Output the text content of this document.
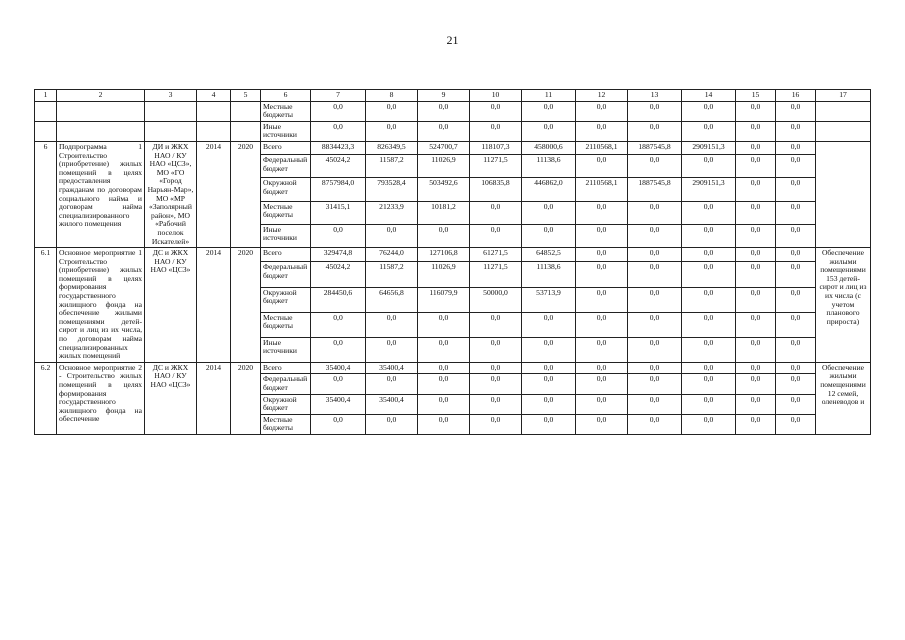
21
1	2	3	4	5	6	7	8	9	10	11	12	13	14	15	16	17
					Местные бюджеты	0,0	0,0	0,0	0,0	0,0	0,0	0,0	0,0	0,0	0,0	
					Иные источники	0,0	0,0	0,0	0,0	0,0	0,0	0,0	0,0	0,0	0,0	
6	Подпрограмма 1 Строительство (приобретение) жилых помещений в целях предоставления гражданам по договорам социального найма и договорам найма специализированного жилого помещения	ДИ и ЖКХ НАО / КУ НАО «ЦСЗ», МО «ГО «Город Нарьян-Мар», МО «МР «Заполярный район», МО «Рабочий поселок Искателей»	2014	2020	Всего	8834423,3	826349,5	524700,7	118107,3	458000,6	2110568,1	1887545,8	2909151,3	0,0	0,0	
					Федеральный бюджет	45024,2	11587,2	11026,9	11271,5	11138,6	0,0	0,0	0,0	0,0	0,0	
					Окружной бюджет	8757984,0	793528,4	503492,6	106835,8	446862,0	2110568,1	1887545,8	2909151,3	0,0	0,0	
					Местные бюджеты	31415,1	21233,9	10181,2	0,0	0,0	0,0	0,0	0,0	0,0	0,0	
					Иные источники	0,0	0,0	0,0	0,0	0,0	0,0	0,0	0,0	0,0	0,0	
6.1	Основное мероприятие 1 Строительство (приобретение) жилых помещений в целях формирования государственного жилищного фонда на обеспечение жилыми помещениями детей-сирот и лиц из их числа, по договорам найма специализированных жилых помещений	ДС и ЖКХ НАО / КУ НАО «ЦСЗ»	2014	2020	Всего	329474,8	76244,0	127106,8	61271,5	64852,5	0,0	0,0	0,0	0,0	0,0	Обеспечение жилыми помещениями 153 детей-сирот и лиц из их числа (с учетом планового прироста)
					Федеральный бюджет	45024,2	11587,2	11026,9	11271,5	11138,6	0,0	0,0	0,0	0,0	0,0	
					Окружной бюджет	284450,6	64656,8	116079,9	50000,0	53713,9	0,0	0,0	0,0	0,0	0,0	
					Местные бюджеты	0,0	0,0	0,0	0,0	0,0	0,0	0,0	0,0	0,0	0,0	
					Иные источники	0,0	0,0	0,0	0,0	0,0	0,0	0,0	0,0	0,0	0,0	
6.2	Основное мероприятие 2 - Строительство жилых помещений в целях формирования государственного жилищного фонда на обеспечение	ДС и ЖКХ НАО / КУ НАО «ЦСЗ»	2014	2020	Всего	35400,4	35400,4	0,0	0,0	0,0	0,0	0,0	0,0	0,0	0,0	Обеспечение жилыми помещениями 12 семей, оленеводов и
					Федеральный бюджет	0,0	0,0	0,0	0,0	0,0	0,0	0,0	0,0	0,0	0,0	
					Окружной бюджет	35400,4	35400,4	0,0	0,0	0,0	0,0	0,0	0,0	0,0	0,0	
					Местные бюджеты	0,0	0,0	0,0	0,0	0,0	0,0	0,0	0,0	0,0	0,0	
